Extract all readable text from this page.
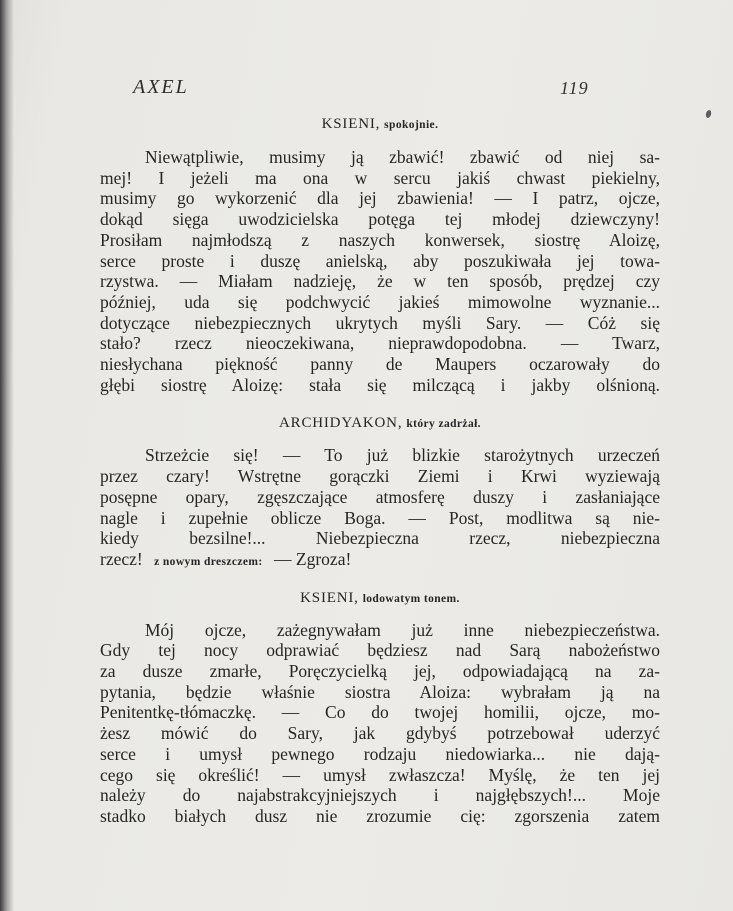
AXEL	119
KSIENI, spokojnie.

Niewątpliwie, musimy ją zbawić! zbawić od niej sa-
mej! I jeżeli ma ona w sercu jakiś chwast piekielny,
musimy go wykorzenić dla jej zbawienia! — I patrz, ojcze,
dokąd sięga uwodzicielska potęga tej młodej dziewczyny!
Prosiłam najmłodszą z naszych konwersek, siostrę Aloizę,
serce proste i duszę anielską, aby poszukiwała jej towa-
rzystwa. — Miałam nadzieję, że w ten sposób, prędzej czy
później, uda się podchwycić jakieś mimowolne wyznanie...
dotyczące niebezpiecznych ukrytych myśli Sary. — Cóż się
stało? rzecz nieoczekiwana, nieprawdopodobna. — Twarz,
niesłychana piękność panny de Maupers oczarowały do
głębi siostrę Aloizę: stała się milczącą i jakby olśnioną.

ARCHIDYAKON, który zadrżał.

Strzeżcie się! — To już blizkie starożytnych urzeczeń
przez czary! Wstrętne gorączki Ziemi i Krwi wyziewają
posępne opary, zgęszczające atmosferę duszy i zasłaniające
nagle i zupełnie oblicze Boga. — Post, modlitwa są nie-
kiedy bezsilne!... Niebezpieczna rzecz, niebezpieczna
rzecz! z nowym dreszczem: — Zgroza!

KSIENI, lodowatym tonem.

Mój ojcze, zażegnywałam już inne niebezpieczeństwa.
Gdy tej nocy odprawiać będziesz nad Sarą nabożeństwo
za dusze zmarłe, Poręczycielką jej, odpowiadającą na za-
pytania, będzie właśnie siostra Aloiza: wybrałam ją na
Penitentkę-tłómaczkę. — Co do twojej homilii, ojcze, mo-
żesz mówić do Sary, jak gdybyś potrzebował uderzyć
serce i umysł pewnego rodzaju niedowiarka... nie dają-
cego się określić! — umysł zwłaszcza! Myślę, że ten jej
należy do najabstrakcyjniejszych i najgłębszych!... Moje
stadko białych dusz nie zrozumie cię: zgorszenia zatem
